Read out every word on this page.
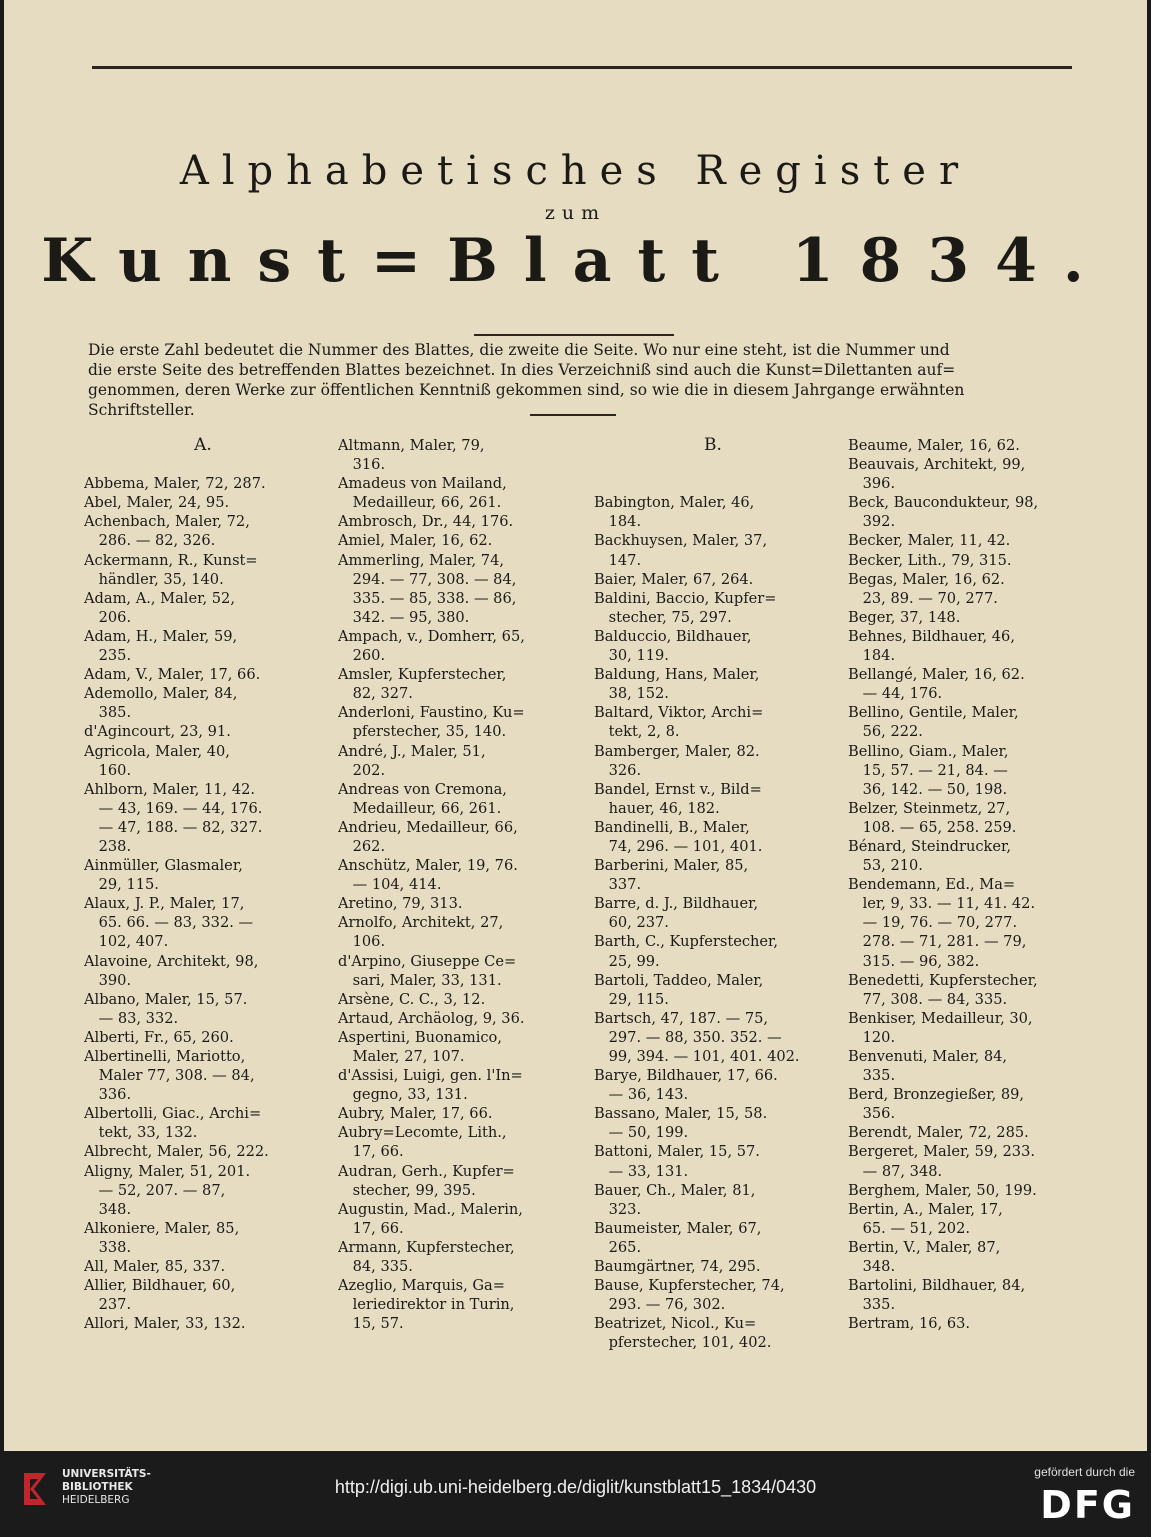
Alphabetisches Register
zum
Kunst=Blatt 1834.
Die erste Zahl bedeutet die Nummer des Blattes, die zweite die Seite. Wo nur eine steht, ist die Nummer und
die erste Seite des betreffenden Blattes bezeichnet. In dies Verzeichniß sind auch die Kunst=Dilettanten auf=
genommen, deren Werke zur öffentlichen Kenntniß gekommen sind, so wie die in diesem Jahrgange erwähnten
Schriftsteller.
A.
Abbema, Maler, 72, 287.
Abel, Maler, 24, 95.
Achenbach, Maler, 72,
 286. — 82, 326.
Ackermann, R., Kunst=
 händler, 35, 140.
Adam, A., Maler, 52,
 206.
Adam, H., Maler, 59,
 235.
Adam, V., Maler, 17, 66.
Ademollo, Maler, 84,
 385.
d'Agincourt, 23, 91.
Agricola, Maler, 40,
 160.
Ahlborn, Maler, 11, 42.
 — 43, 169. — 44, 176.
 — 47, 188. — 82, 327.
 238.
Ainmüller, Glasmaler,
 29, 115.
Alaux, J. P., Maler, 17,
 65. 66. — 83, 332. —
 102, 407.
Alavoine, Architekt, 98,
 390.
Albano, Maler, 15, 57.
 — 83, 332.
Alberti, Fr., 65, 260.
Albertinelli, Mariotto,
 Maler 77, 308. — 84,
 336.
Albertolli, Giac., Archi=
 tekt, 33, 132.
Albrecht, Maler, 56, 222.
Aligny, Maler, 51, 201.
 — 52, 207. — 87,
 348.
Alkoniere, Maler, 85,
 338.
All, Maler, 85, 337.
Allier, Bildhauer, 60,
 237.
Allori, Maler, 33, 132.
Altmann, Maler, 79,
 316.
Amadeus von Mailand,
 Medailleur, 66, 261.
Ambrosch, Dr., 44, 176.
Amiel, Maler, 16, 62.
Ammerling, Maler, 74,
 294. — 77, 308. — 84,
 335. — 85, 338. — 86,
 342. — 95, 380.
Ampach, v., Domherr, 65,
 260.
Amsler, Kupferstecher,
 82, 327.
Anderloni, Faustino, Ku=
 pferstecher, 35, 140.
André, J., Maler, 51,
 202.
Andreas von Cremona,
 Medailleur, 66, 261.
Andrieu, Medailleur, 66,
 262.
Anschütz, Maler, 19, 76.
 — 104, 414.
Aretino, 79, 313.
Arnolfo, Architekt, 27,
 106.
d'Arpino, Giuseppe Ce=
 sari, Maler, 33, 131.
Arsène, C. C., 3, 12.
Artaud, Archäolog, 9, 36.
Aspertini, Buonamico,
 Maler, 27, 107.
d'Assisi, Luigi, gen. l'In=
 gegno, 33, 131.
Aubry, Maler, 17, 66.
Aubry=Lecomte, Lith.,
 17, 66.
Audran, Gerh., Kupfer=
 stecher, 99, 395.
Augustin, Mad., Malerin,
 17, 66.
Armann, Kupferstecher,
 84, 335.
Azeglio, Marquis, Ga=
 leriedirektor in Turin,
 15, 57.
B.
Babington, Maler, 46,
 184.
Backhuysen, Maler, 37,
 147.
Baier, Maler, 67, 264.
Baldini, Baccio, Kupfer=
 stecher, 75, 297.
Balduccio, Bildhauer,
 30, 119.
Baldung, Hans, Maler,
 38, 152.
Baltard, Viktor, Archi=
 tekt, 2, 8.
Bamberger, Maler, 82.
 326.
Bandel, Ernst v., Bild=
 hauer, 46, 182.
Bandinelli, B., Maler,
 74, 296. — 101, 401.
Barberini, Maler, 85,
 337.
Barre, d. J., Bildhauer,
 60, 237.
Barth, C., Kupferstecher,
 25, 99.
Bartoli, Taddeo, Maler,
 29, 115.
Bartsch, 47, 187. — 75,
 297. — 88, 350. 352. —
 99, 394. — 101, 401. 402.
Barye, Bildhauer, 17, 66.
 — 36, 143.
Bassano, Maler, 15, 58.
 — 50, 199.
Battoni, Maler, 15, 57.
 — 33, 131.
Bauer, Ch., Maler, 81,
 323.
Baumeister, Maler, 67,
 265.
Baumgärtner, 74, 295.
Bause, Kupferstecher, 74,
 293. — 76, 302.
Beatrizet, Nicol., Ku=
 pferstecher, 101, 402.
Beaume, Maler, 16, 62.
Beauvais, Architekt, 99,
 396.
Beck, Baucondukteur, 98,
 392.
Becker, Maler, 11, 42.
Becker, Lith., 79, 315.
Begas, Maler, 16, 62.
 23, 89. — 70, 277.
Beger, 37, 148.
Behnes, Bildhauer, 46,
 184.
Bellangé, Maler, 16, 62.
 — 44, 176.
Bellino, Gentile, Maler,
 56, 222.
Bellino, Giam., Maler,
 15, 57. — 21, 84. —
 36, 142. — 50, 198.
Belzer, Steinmetz, 27,
 108. — 65, 258. 259.
Bénard, Steindrucker,
 53, 210.
Bendemann, Ed., Ma=
 ler, 9, 33. — 11, 41. 42.
 — 19, 76. — 70, 277.
 278. — 71, 281. — 79,
 315. — 96, 382.
Benedetti, Kupferstecher,
 77, 308. — 84, 335.
Benkiser, Medailleur, 30,
 120.
Benvenuti, Maler, 84,
 335.
Berd, Bronzegießer, 89,
 356.
Berendt, Maler, 72, 285.
Bergeret, Maler, 59, 233.
 — 87, 348.
Berghem, Maler, 50, 199.
Bertin, A., Maler, 17,
 65. — 51, 202.
Bertin, V., Maler, 87,
 348.
Bartolini, Bildhauer, 84,
 335.
Bertram, 16, 63.
UNIVERSITÄTS-
BIBLIOTHEK
HEIDELBERG
http://digi.ub.uni-heidelberg.de/diglit/kunstblatt15_1834/0430
gefördert durch die
DFG
